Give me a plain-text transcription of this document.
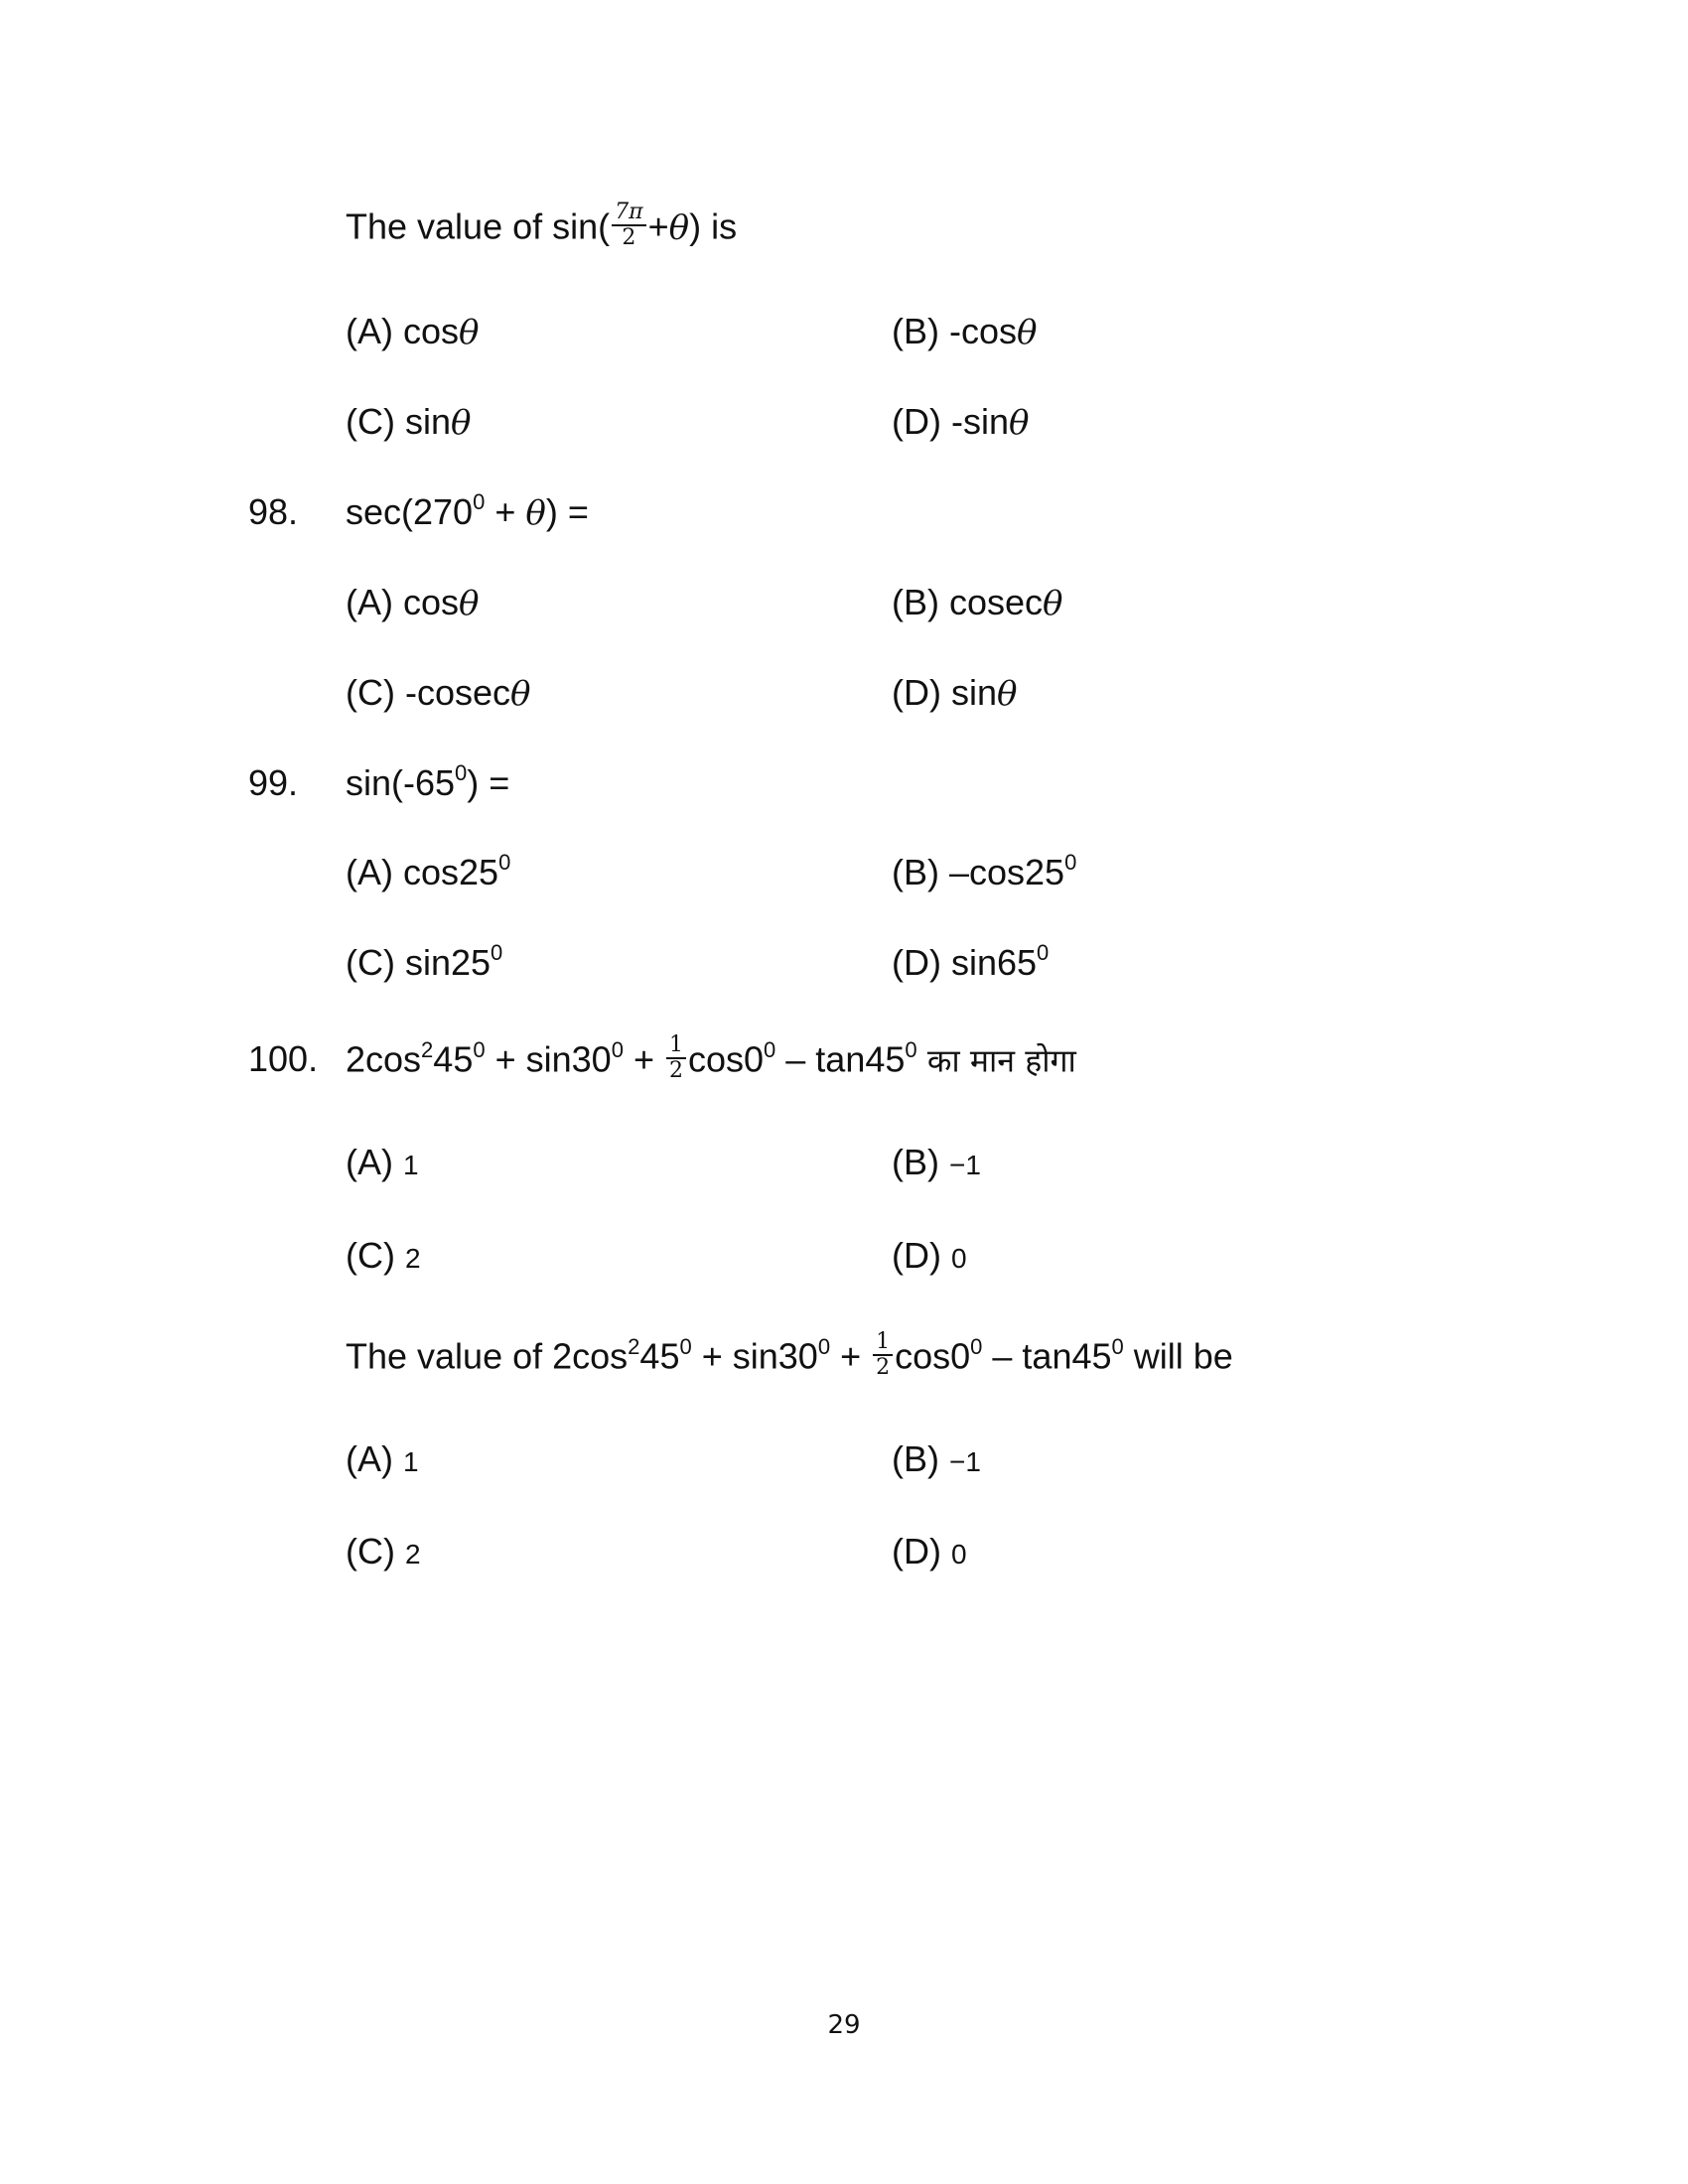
The value of $\sin( \frac{7\pi}{2} +\theta)$ is
(A) cosθ	(B) -cosθ
(C) sinθ	(D) -sinθ
98. $\sec(270^0 + \theta)$ =
(A) cosθ	(B) cosecθ
(C) -cosecθ	(D) sinθ
99. $\sin(-65^0)$ =
(A) $\cos 25^0$	(B) $-\cos 25^0$
(C) $\sin 25^0$	(D) $\sin 65^0$
100. $2\cos^245^0 + \sin 30^0 + \frac{1}{2} \cos 0^0 - \tan 45^0$ का मान होगा
(A) 1	(B) −1
(C) 2	(D) 0
The value of $2\cos^245^0 + \sin 30^0 + \frac{1}{2} \cos 0^0 - \tan 45^0$ will be
(A) 1	(B) −1
(C) 2	(D) 0
29
